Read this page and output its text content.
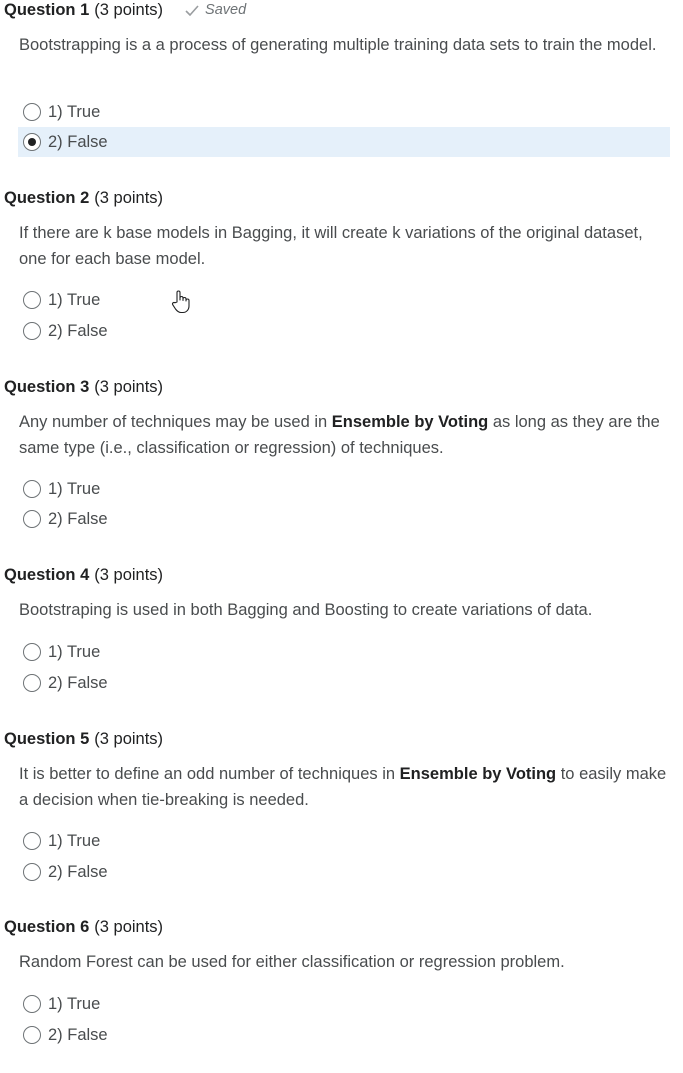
Question 1 (3 points)	Saved
Bootstrapping is a a process of generating multiple training data sets to train the model.
1) True
2) False
Question 2 (3 points)
If there are k base models in Bagging, it will create k variations of the original dataset, one for each base model.
1) True
2) False
Question 3 (3 points)
Any number of techniques may be used in Ensemble by Voting as long as they are the same type (i.e., classification or regression) of techniques.
1) True
2) False
Question 4 (3 points)
Bootstraping is used in both Bagging and Boosting to create variations of data.
1) True
2) False
Question 5 (3 points)
It is better to define an odd number of techniques in Ensemble by Voting to easily make a decision when tie-breaking is needed.
1) True
2) False
Question 6 (3 points)
Random Forest can be used for either classification or regression problem.
1) True
2) False
